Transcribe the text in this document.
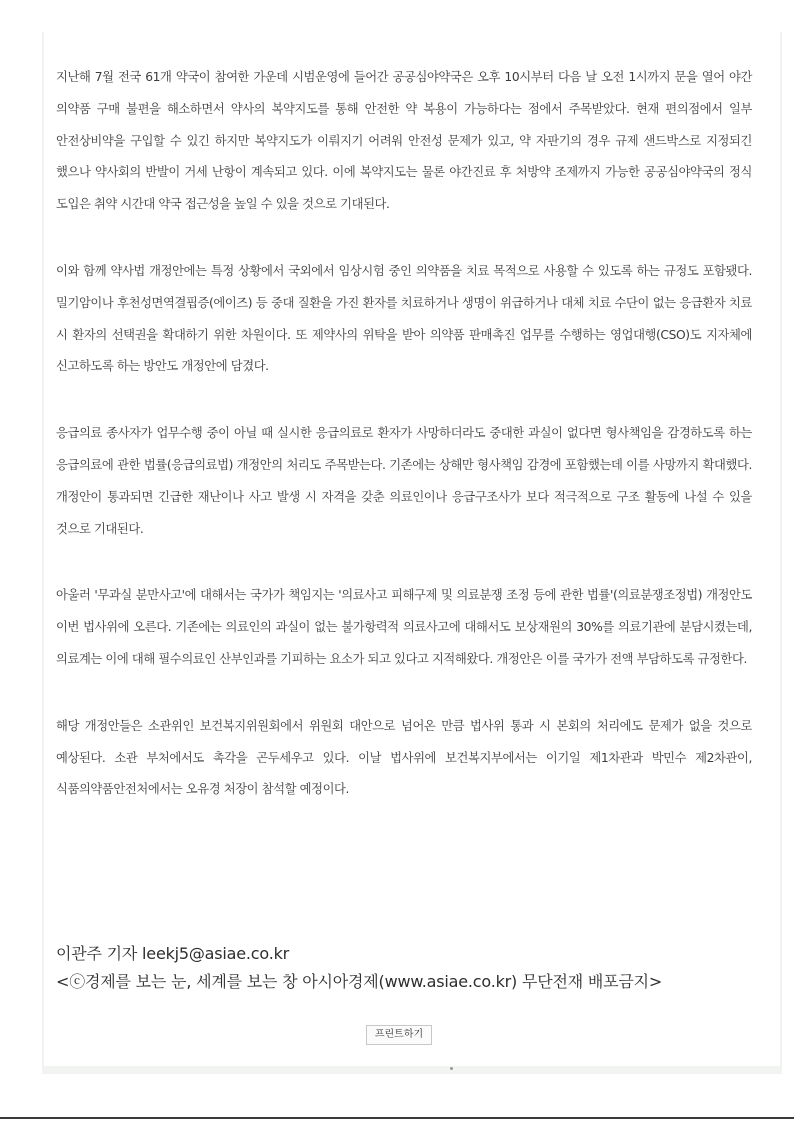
지난해 7월 전국 61개 약국이 참여한 가운데 시범운영에 들어간 공공심야약국은 오후 10시부터 다음 날 오전 1시까지 문을 열어 야간 의약품 구매 불편을 해소하면서 약사의 복약지도를 통해 안전한 약 복용이 가능하다는 점에서 주목받았다. 현재 편의점에서 일부 안전상비약을 구입할 수 있긴 하지만 복약지도가 이뤄지기 어려워 안전성 문제가 있고, 약 자판기의 경우 규제 샌드박스로 지정되긴 했으나 약사회의 반발이 거세 난항이 계속되고 있다. 이에 복약지도는 물론 야간진료 후 처방약 조제까지 가능한 공공심야약국의 정식 도입은 취약 시간대 약국 접근성을 높일 수 있을 것으로 기대된다.

이와 함께 약사법 개정안에는 특정 상황에서 국외에서 임상시험 중인 의약품을 치료 목적으로 사용할 수 있도록 하는 규정도 포함됐다. 밀기암이나 후천성면역결핍증(에이즈) 등 중대 질환을 가진 환자를 치료하거나 생명이 위급하거나 대체 치료 수단이 없는 응급환자 치료 시 환자의 선택권을 확대하기 위한 차원이다. 또 제약사의 위탁을 받아 의약품 판매촉진 업무를 수행하는 영업대행(CSO)도 지자체에 신고하도록 하는 방안도 개정안에 담겼다.

응급의료 종사자가 업무수행 중이 아닐 때 실시한 응급의료로 환자가 사망하더라도 중대한 과실이 없다면 형사책임을 감경하도록 하는 응급의료에 관한 법률(응급의료법) 개정안의 처리도 주목받는다. 기존에는 상해만 형사책임 감경에 포함했는데 이를 사망까지 확대했다. 개정안이 통과되면 긴급한 재난이나 사고 발생 시 자격을 갖춘 의료인이나 응급구조사가 보다 적극적으로 구조 활동에 나설 수 있을 것으로 기대된다.

아울러 '무과실 분만사고'에 대해서는 국가가 책임지는 '의료사고 피해구제 및 의료분쟁 조정 등에 관한 법률'(의료분쟁조정법) 개정안도 이번 법사위에 오른다. 기존에는 의료인의 과실이 없는 불가항력적 의료사고에 대해서도 보상재원의 30%를 의료기관에 분담시켰는데, 의료계는 이에 대해 필수의료인 산부인과를 기피하는 요소가 되고 있다고 지적해왔다. 개정안은 이를 국가가 전액 부담하도록 규정한다.

해당 개정안들은 소관위인 보건복지위원회에서 위원회 대안으로 넘어온 만큼 법사위 통과 시 본회의 처리에도 문제가 없을 것으로 예상된다. 소관 부처에서도 촉각을 곤두세우고 있다. 이날 법사위에 보건복지부에서는 이기일 제1차관과 박민수 제2차관이, 식품의약품안전처에서는 오유경 처장이 참석할 예정이다.

이관주 기자 leekj5@asiae.co.kr
<ⓒ경제를 보는 눈, 세계를 보는 창 아시아경제(www.asiae.co.kr) 무단전재 배포금지>
프린트하기
